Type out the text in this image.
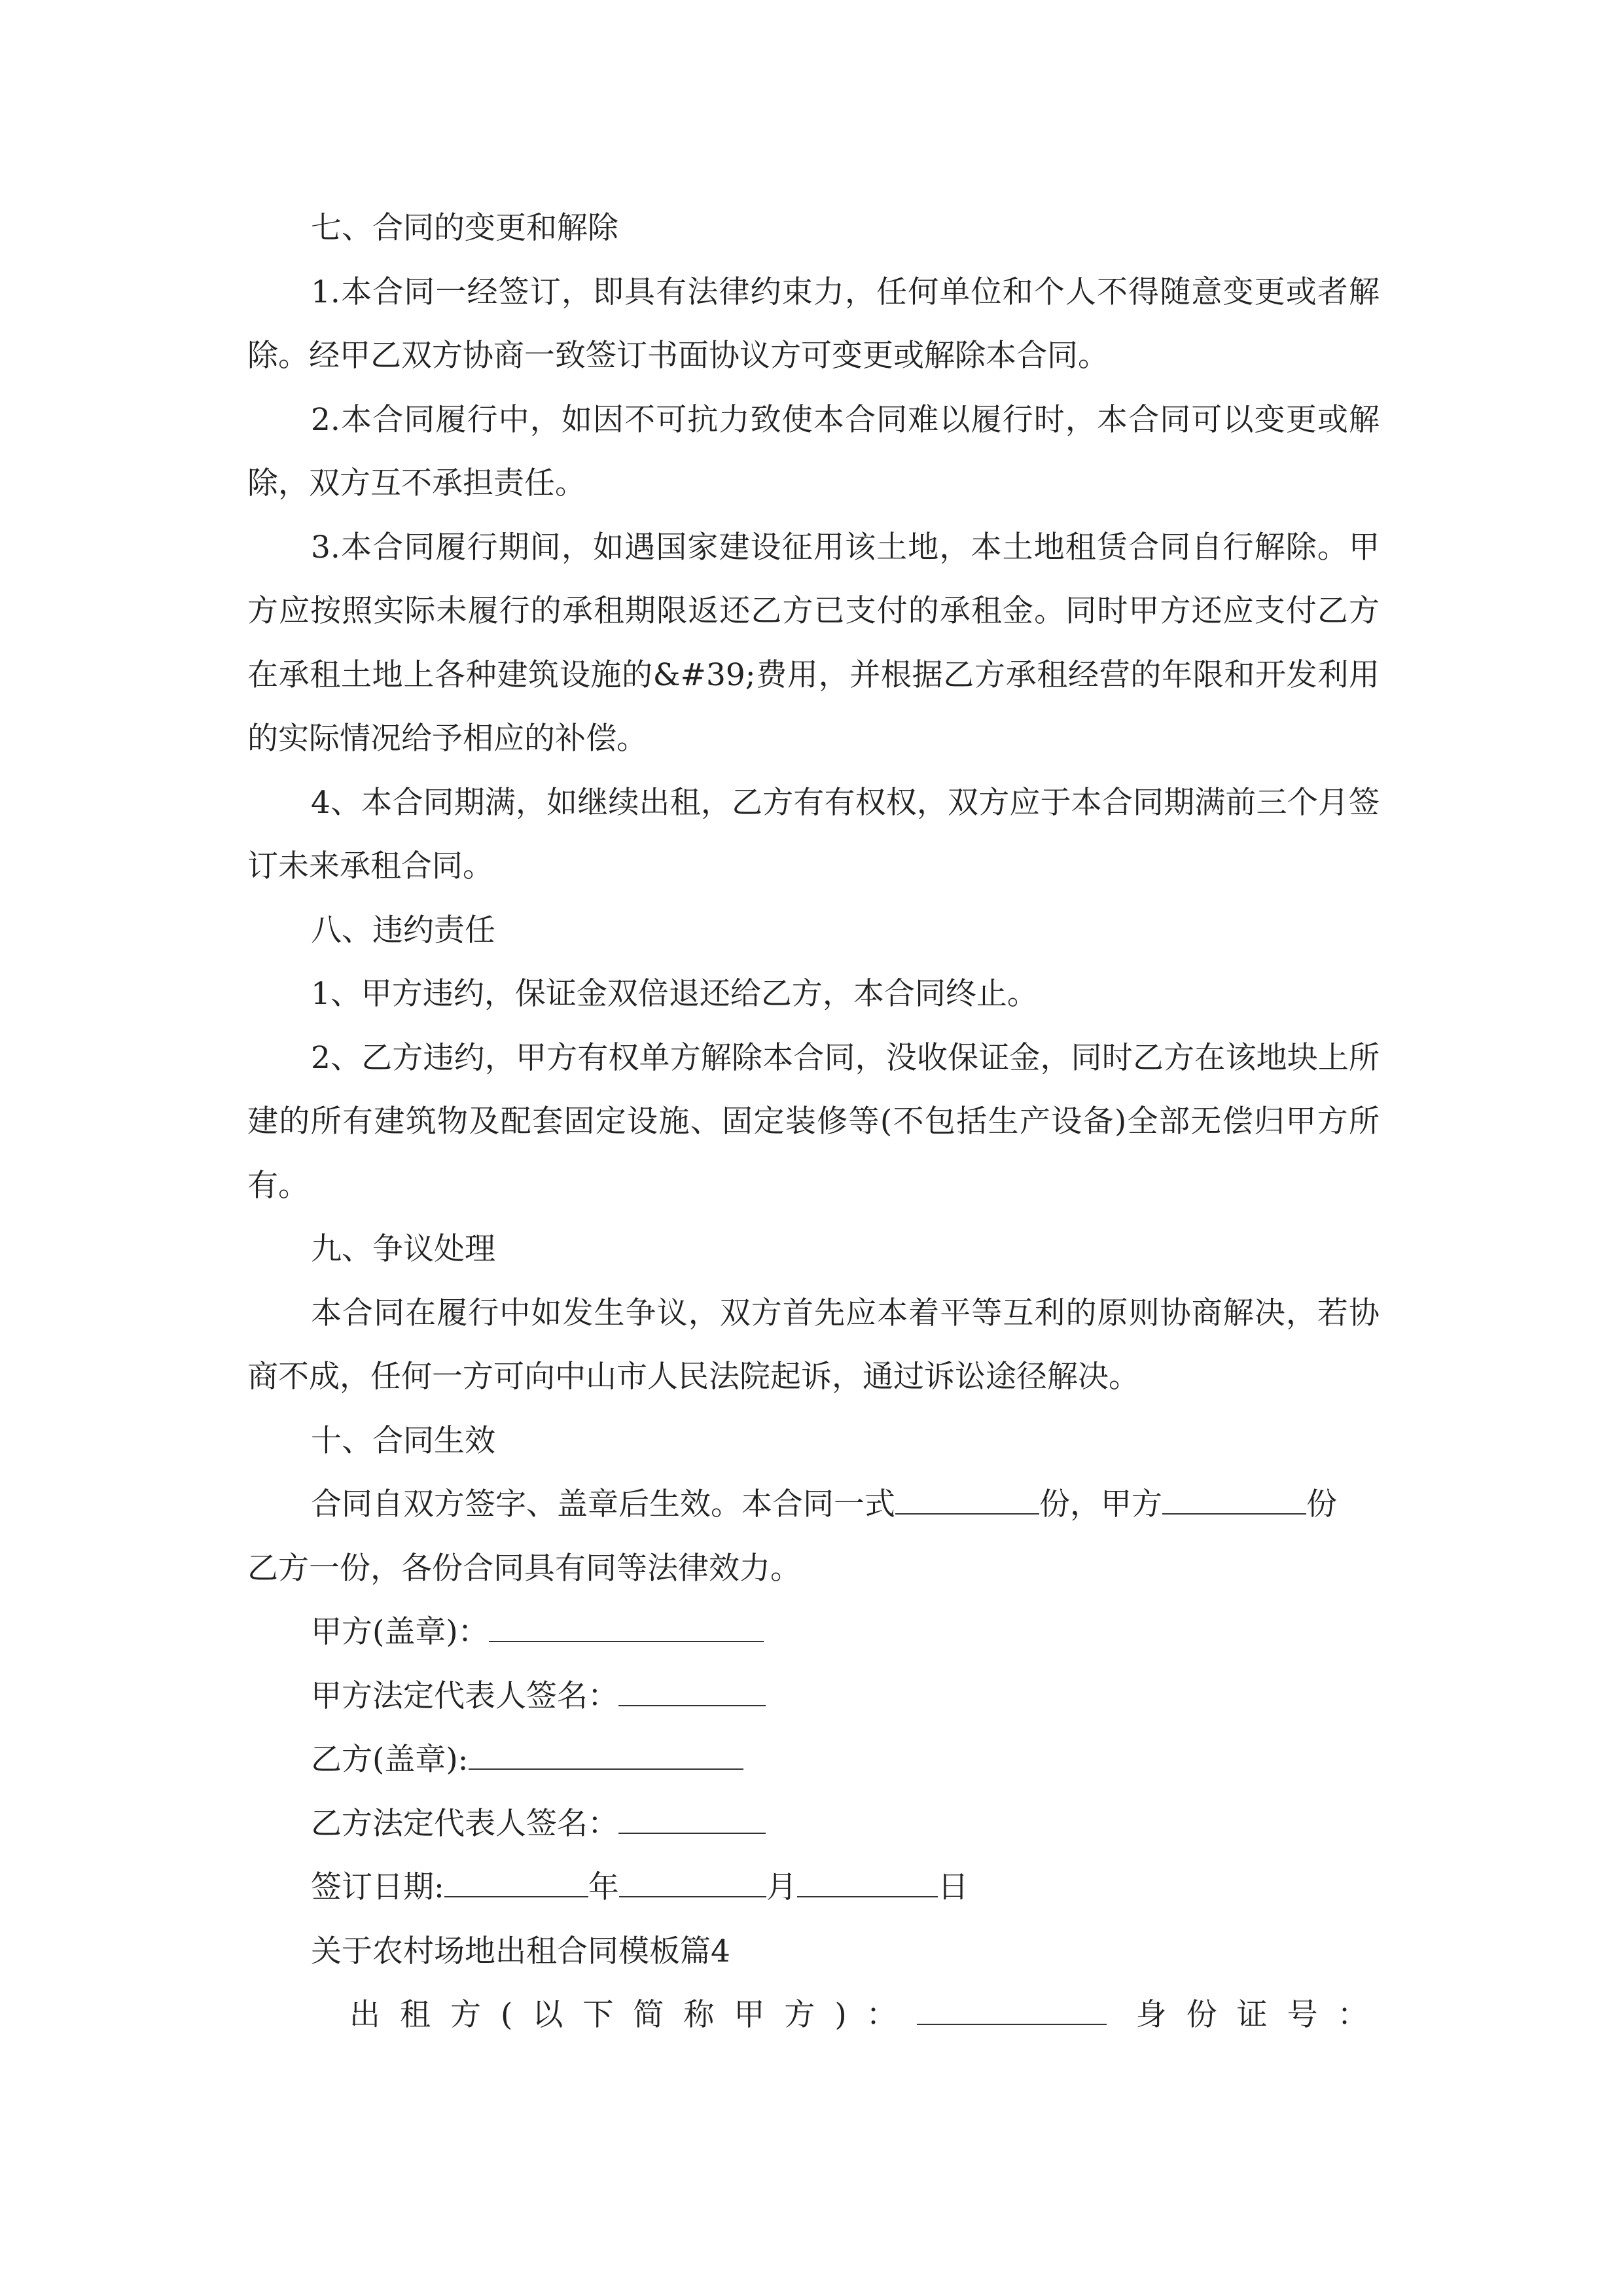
七、合同的变更和解除

1.本合同一经签订，即具有法律约束力，任何单位和个人不得随意变更或者解除。经甲乙双方协商一致签订书面协议方可变更或解除本合同。

2.本合同履行中，如因不可抗力致使本合同难以履行时，本合同可以变更或解除，双方互不承担责任。

3.本合同履行期间，如遇国家建设征用该土地，本土地租赁合同自行解除。甲方应按照实际未履行的承租期限返还乙方已支付的承租金。同时甲方还应支付乙方在承租土地上各种建筑设施的&#39;费用，并根据乙方承租经营的年限和开发利用的实际情况给予相应的补偿。

4、本合同期满，如继续出租，乙方有有权权，双方应于本合同期满前三个月签订未来承租合同。

八、违约责任

1、甲方违约，保证金双倍退还给乙方，本合同终止。

2、乙方违约，甲方有权单方解除本合同，没收保证金，同时乙方在该地块上所建的所有建筑物及配套固定设施、固定装修等(不包括生产设备)全部无偿归甲方所有。

九、争议处理

本合同在履行中如发生争议，双方首先应本着平等互利的原则协商解决，若协商不成，任何一方可向中山市人民法院起诉，通过诉讼途径解决。

十、合同生效

合同自双方签字、盖章后生效。本合同一式	份，甲方	份
乙方一份，各份合同具有同等法律效力。

甲方(盖章)：

甲方法定代表人签名：

乙方(盖章):

乙方法定代表人签名：

签订日期:	年	月	日

关于农村场地出租合同模板篇4

出租方(以下简称甲方)：	身份证号：
